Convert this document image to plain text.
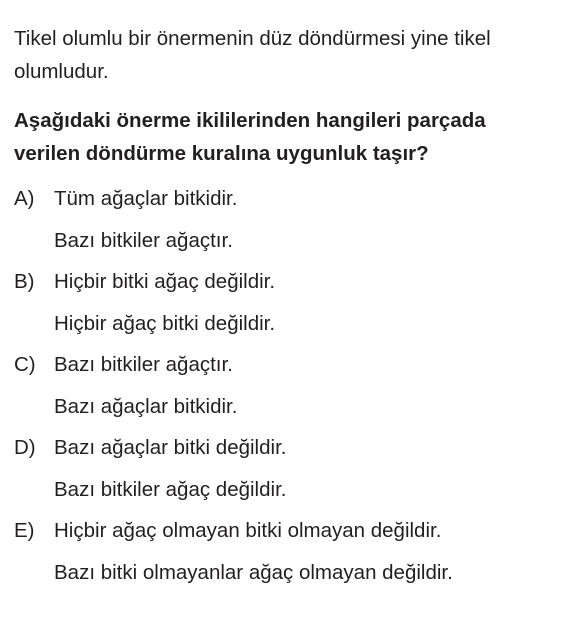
Tikel olumlu bir önermenin düz döndürmesi yine tikel
olumludur.
Aşağıdaki önerme ikililerinden hangileri parçada
verilen döndürme kuralına uygunluk taşır?
A) Tüm ağaçlar bitkidir.
Bazı bitkiler ağaçtır.
B) Hiçbir bitki ağaç değildir.
Hiçbir ağaç bitki değildir.
C) Bazı bitkiler ağaçtır.
Bazı ağaçlar bitkidir.
D) Bazı ağaçlar bitki değildir.
Bazı bitkiler ağaç değildir.
E) Hiçbir ağaç olmayan bitki olmayan değildir.
Bazı bitki olmayanlar ağaç olmayan değildir.
